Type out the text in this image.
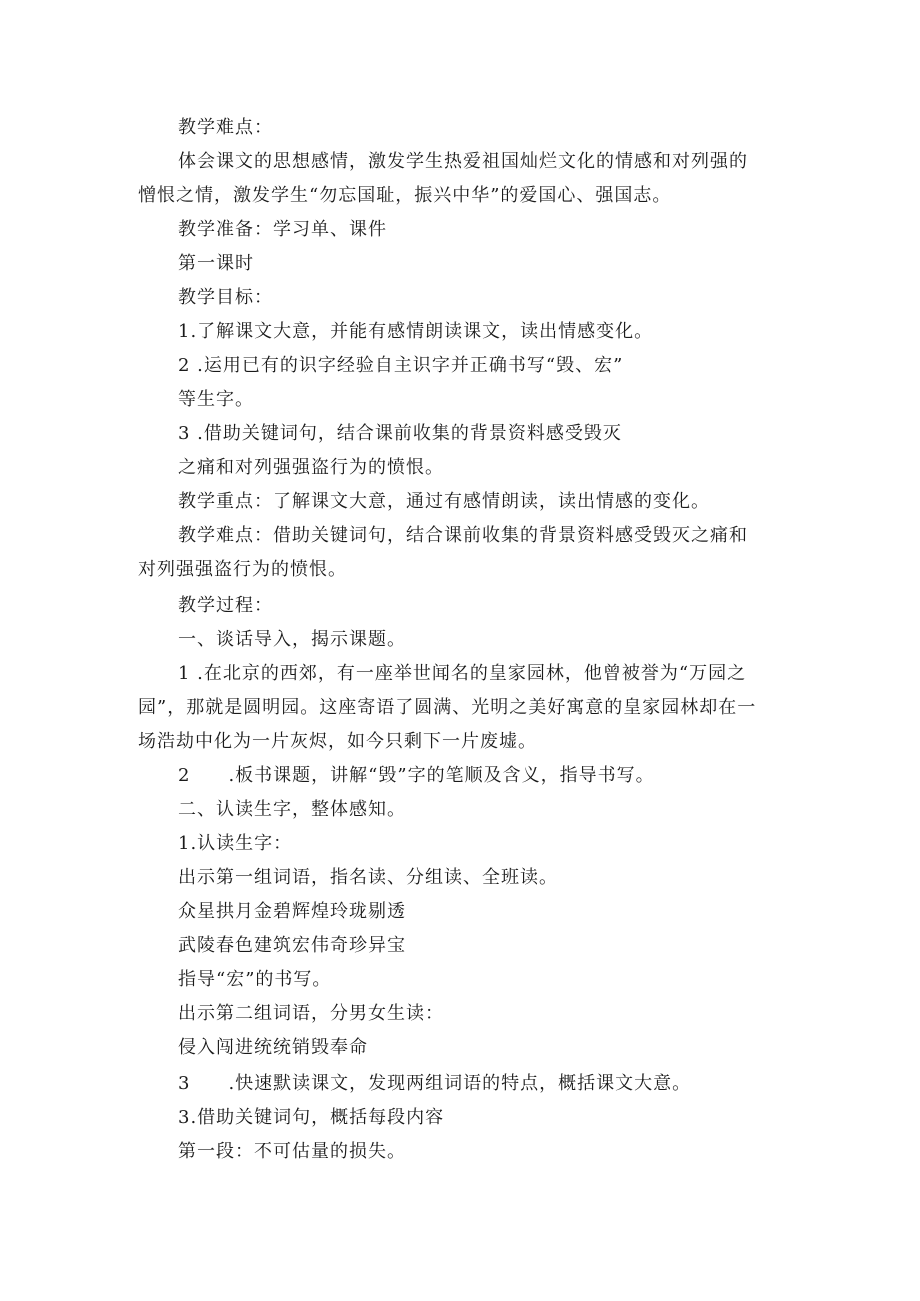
教学难点：
体会课文的思想感情，激发学生热爱祖国灿烂文化的情感和对列强的
憎恨之情，激发学生“勿忘国耻，振兴中华”的爱国心、强国志。
教学准备：学习单、课件
第一课时
教学目标：
1.了解课文大意，并能有感情朗读课文，读出情感变化。
2 .运用已有的识字经验自主识字并正确书写“毁、宏”
等生字。
3 .借助关键词句，结合课前收集的背景资料感受毁灭
之痛和对列强强盗行为的愤恨。
教学重点：了解课文大意，通过有感情朗读，读出情感的变化。
教学难点：借助关键词句，结合课前收集的背景资料感受毁灭之痛和
对列强强盗行为的愤恨。
教学过程：
一、谈话导入，揭示课题。
1 .在北京的西郊，有一座举世闻名的皇家园林，他曾被誉为“万园之
园”，那就是圆明园。这座寄语了圆满、光明之美好寓意的皇家园林却在一
场浩劫中化为一片灰烬，如今只剩下一片废墟。
2　　.板书课题，讲解“毁”字的笔顺及含义，指导书写。
二、认读生字，整体感知。
1.认读生字：
出示第一组词语，指名读、分组读、全班读。
众星拱月金碧辉煌玲珑剔透
武陵春色建筑宏伟奇珍异宝
指导“宏”的书写。
出示第二组词语，分男女生读：
侵入闯进统统销毁奉命
3　　.快速默读课文，发现两组词语的特点，概括课文大意。
3.借助关键词句，概括每段内容
第一段：不可估量的损失。
